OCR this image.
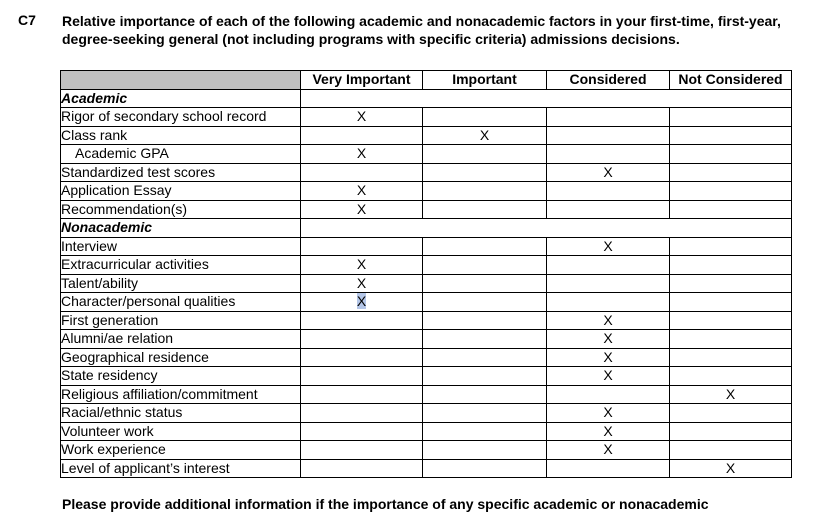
C7 Relative importance of each of the following academic and nonacademic factors in your first-time, first-year, degree-seeking general (not including programs with specific criteria) admissions decisions.

	Very Important	Important	Considered	Not Considered
Academic				
Rigor of secondary school record	X			
Class rank		X		
Academic GPA	X			
Standardized test scores			X	
Application Essay	X			
Recommendation(s)	X			
Nonacademic				
Interview			X	
Extracurricular activities	X			
Talent/ability	X			
Character/personal qualities	X			
First generation			X	
Alumni/ae relation			X	
Geographical residence			X	
State residency			X	
Religious affiliation/commitment				X
Racial/ethnic status			X	
Volunteer work			X	
Work experience			X	
Level of applicant’s interest				X

Please provide additional information if the importance of any specific academic or nonacademic
